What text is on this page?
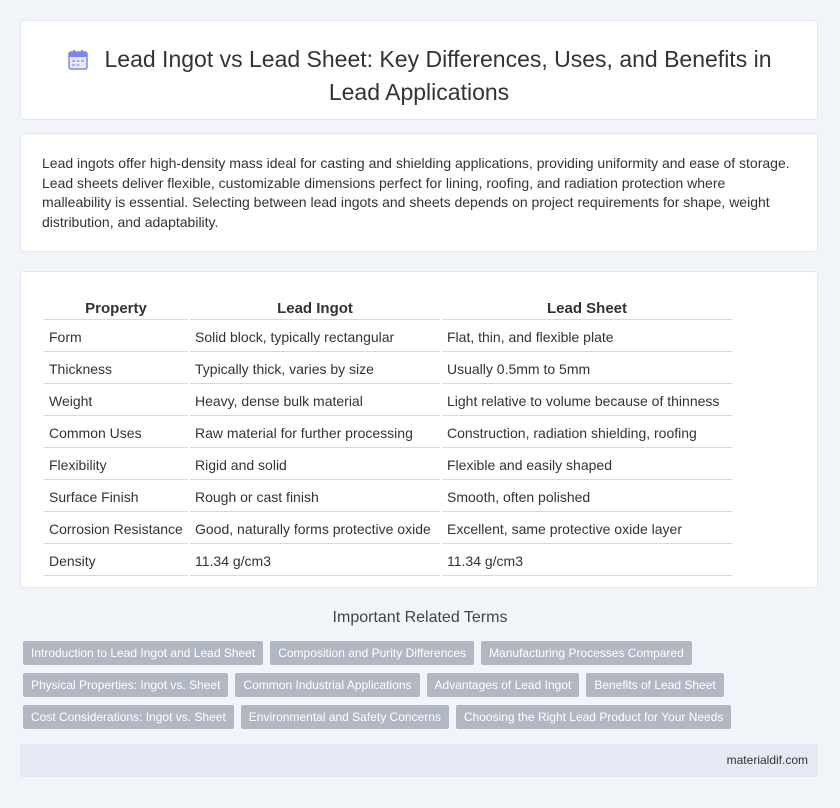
Lead Ingot vs Lead Sheet: Key Differences, Uses, and Benefits in Lead Applications

Lead ingots offer high-density mass ideal for casting and shielding applications, providing uniformity and ease of storage. Lead sheets deliver flexible, customizable dimensions perfect for lining, roofing, and radiation protection where malleability is essential. Selecting between lead ingots and sheets depends on project requirements for shape, weight distribution, and adaptability.

Property	Lead Ingot	Lead Sheet
Form	Solid block, typically rectangular	Flat, thin, and flexible plate
Thickness	Typically thick, varies by size	Usually 0.5mm to 5mm
Weight	Heavy, dense bulk material	Light relative to volume because of thinness
Common Uses	Raw material for further processing	Construction, radiation shielding, roofing
Flexibility	Rigid and solid	Flexible and easily shaped
Surface Finish	Rough or cast finish	Smooth, often polished
Corrosion Resistance	Good, naturally forms protective oxide	Excellent, same protective oxide layer
Density	11.34 g/cm3	11.34 g/cm3
Important Related Terms
Introduction to Lead Ingot and Lead Sheet	Composition and Purity Differences	Manufacturing Processes Compared
Physical Properties: Ingot vs. Sheet	Common Industrial Applications	Advantages of Lead Ingot	Benefits of Lead Sheet
Cost Considerations: Ingot vs. Sheet	Environmental and Safety Concerns	Choosing the Right Lead Product for Your Needs
materialdif.com
